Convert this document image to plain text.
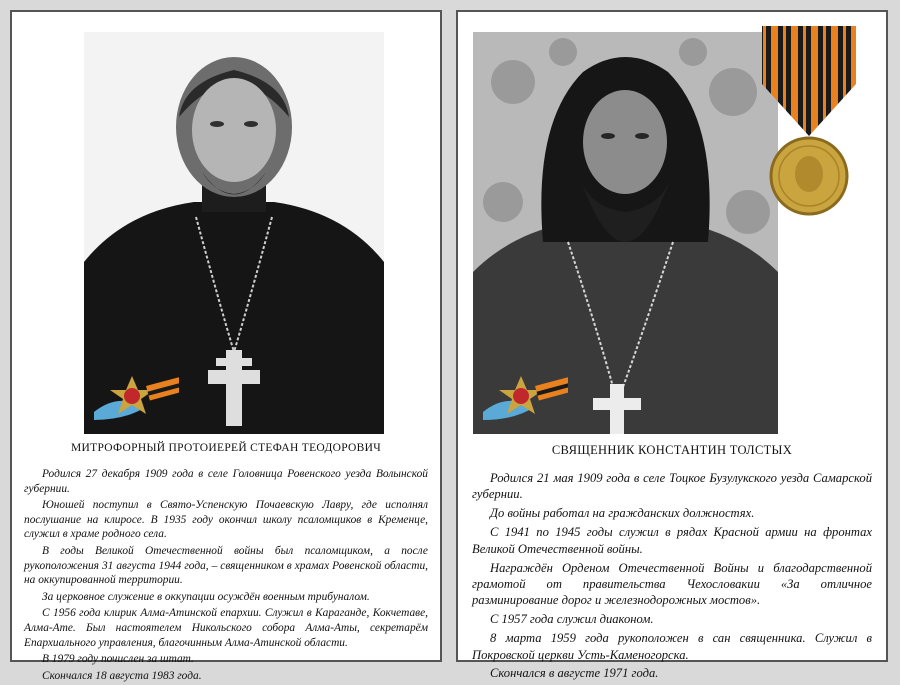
МИТРОФОРНЫЙ ПРОТОИЕРЕЙ СТЕФАН ТЕОДОРОВИЧ

Родился 27 декабря 1909 года в селе Головница Ровенского уезда Волынской губернии.

Юношей поступил в Свято-Успенскую Почаевскую Лавру, где исполнял послушание на клиросе. В 1935 году окончил школу псаломщиков в Кременце, служил в храме родного села.

В годы Великой Отечественной войны был псаломщиком, а после рукоположения 31 августа 1944 года, – священником в храмах Ровенской области, на оккупированной территории.

За церковное служение в оккупации осуждён военным трибуналом.

С 1956 года клирик Алма-Атинской епархии. Служил в Караганде, Кокчетаве, Алма-Ате. Был настоятелем Никольского собора Алма-Аты, секретарём Епархиального управления, благочинным Алма-Атинской области.

В 1979 году почислен за штат.

Скончался 18 августа 1983 года.

СВЯЩЕННИК КОНСТАНТИН ТОЛСТЫХ

Родился 21 мая 1909 года в селе Тоцкое Бузулукского уезда Самарской губернии.

До войны работал на гражданских должностях.

С 1941 по 1945 годы служил в рядах Красной армии на фронтах Великой Отечественной войны.

Награждён Орденом Отечественной Войны и благодарственной грамотой от правительства Чехословакии «За отличное разминирование дорог и железнодорожных мостов».

С 1957 года служил диаконом.

8 марта 1959 года рукоположен в сан священника. Служил в Покровской церкви Усть-Каменогорска.

Скончался в августе 1971 года.
